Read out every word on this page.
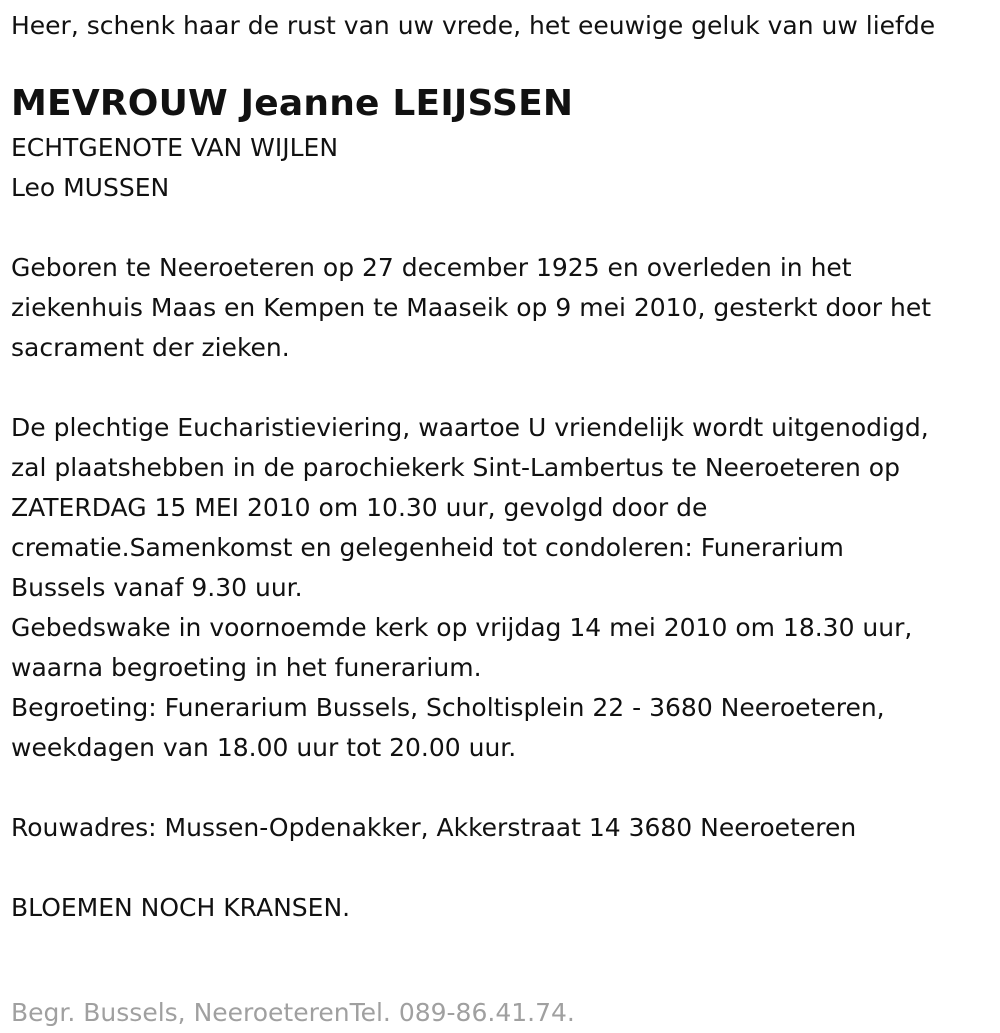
Heer, schenk haar de rust van uw vrede, het eeuwige geluk van uw liefde

MEVROUW Jeanne LEIJSSEN

ECHTGENOTE VAN WIJLEN

Leo MUSSEN

Geboren te Neeroeteren op 27 december 1925 en overleden in het

ziekenhuis Maas en Kempen te Maaseik op 9 mei 2010, gesterkt door het

sacrament der zieken.

De plechtige Eucharistieviering, waartoe U vriendelijk wordt uitgenodigd,

zal plaatshebben in de parochiekerk Sint-Lambertus te Neeroeteren op

ZATERDAG 15 MEI 2010 om 10.30 uur, gevolgd door de

crematie.Samenkomst en gelegenheid tot condoleren: Funerarium

Bussels vanaf 9.30 uur.

Gebedswake in voornoemde kerk op vrijdag 14 mei 2010 om 18.30 uur,

waarna begroeting in het funerarium.

Begroeting: Funerarium Bussels, Scholtisplein 22 - 3680 Neeroeteren,

weekdagen van 18.00 uur tot 20.00 uur.

Rouwadres: Mussen-Opdenakker, Akkerstraat 14 3680 Neeroeteren

BLOEMEN NOCH KRANSEN.

Begr. Bussels, NeeroeterenTel. 089-86.41.74.
